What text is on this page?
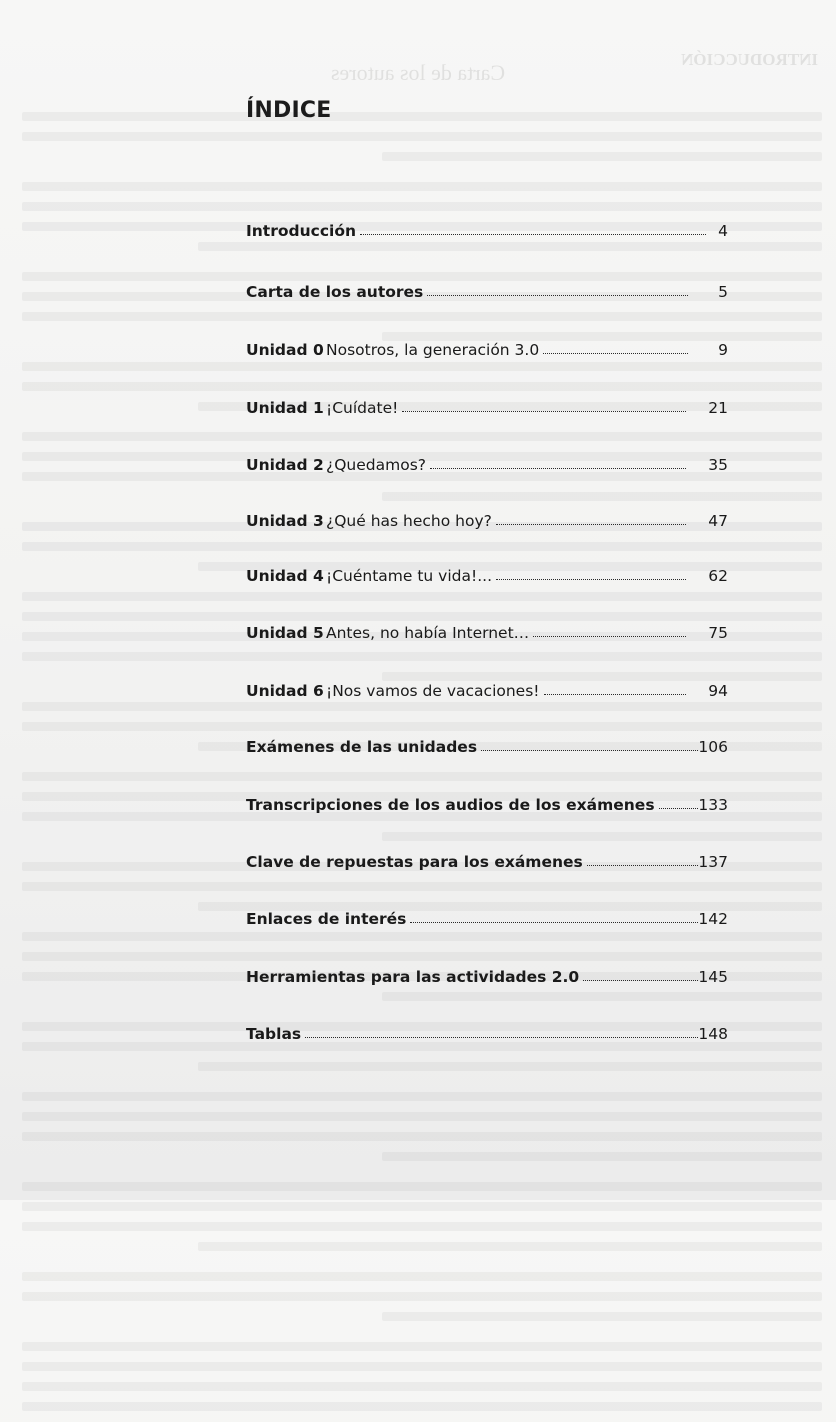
INTRODUCCIÓN
Carta de los autores
ÍNDICE
Introducción	4
Carta de los autores	5
Unidad 0 Nosotros, la generación 3.0	9
Unidad 1 ¡Cuídate!	21
Unidad 2 ¿Quedamos?	35
Unidad 3 ¿Qué has hecho hoy?	47
Unidad 4 ¡Cuéntame tu vida!...	62
Unidad 5 Antes, no había Internet…	75
Unidad 6 ¡Nos vamos de vacaciones!	94
Exámenes de las unidades	106
Transcripciones de los audios de los exámenes	133
Clave de repuestas para los exámenes	137
Enlaces de interés	142
Herramientas para las actividades 2.0	145
Tablas	148
